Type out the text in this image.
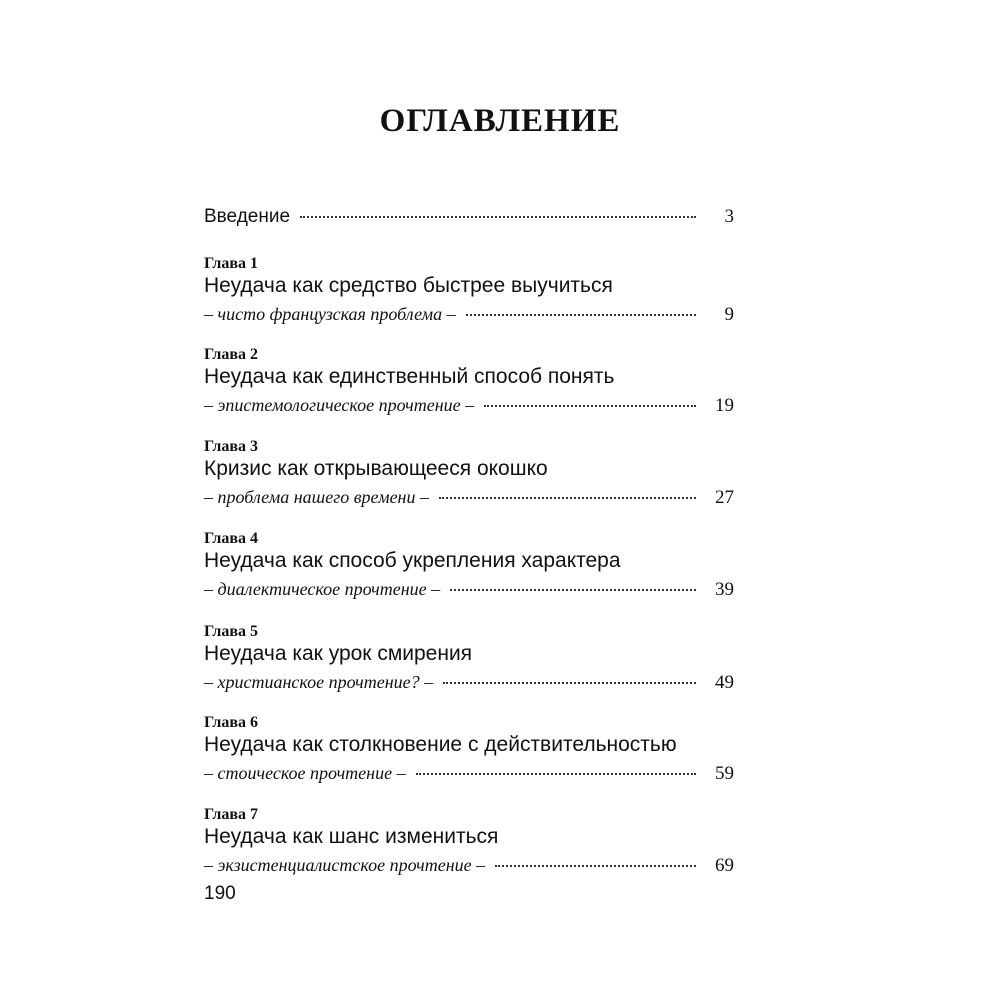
ОГЛАВЛЕНИЕ
Введение	3
Глава 1
Неудача как средство быстрее выучиться
– чисто французская проблема –	9
Глава 2
Неудача как единственный способ понять
– эпистемологическое прочтение –	19
Глава 3
Кризис как открывающееся окошко
– проблема нашего времени –	27
Глава 4
Неудача как способ укрепления характера
– диалектическое прочтение –	39
Глава 5
Неудача как урок смирения
– христианское прочтение? –	49
Глава 6
Неудача как столкновение с действительностью
– стоическое прочтение –	59
Глава 7
Неудача как шанс измениться
– экзистенциалистское прочтение –	69
190
